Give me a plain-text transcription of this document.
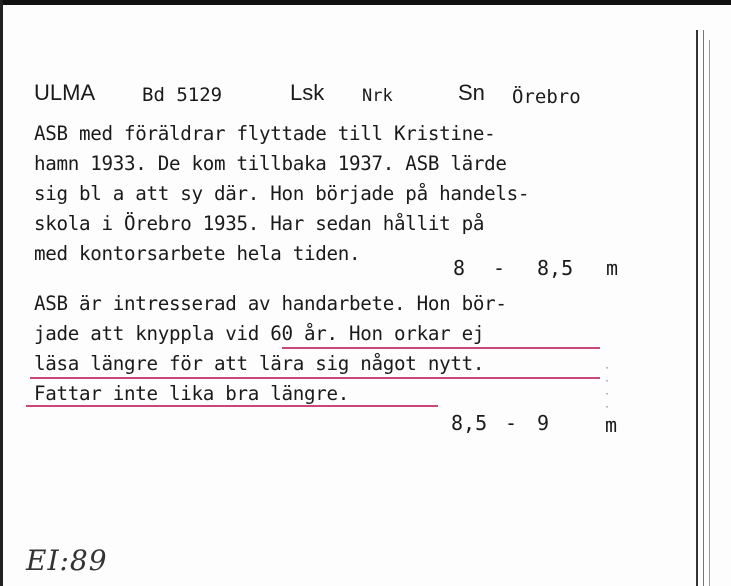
ULMA Bd 5129	Lsk Nrk	Sn Örebro
ASB med föräldrar flyttade till Kristine-
hamn 1933. De kom tillbaka 1937. ASB lärde
sig bl a att sy där. Hon började på handels-
skola i Örebro 1935. Har sedan hållit på
med kontorsarbete hela tiden.
8 - 8,5 m
ASB är intresserad av handarbete. Hon bör-
jade att knyppla vid 60 år. Hon orkar ej
läsa längre för att lära sig något nytt.
Fattar inte lika bra längre.
·
·
·
·
8,5 - 9	m
EI:89
